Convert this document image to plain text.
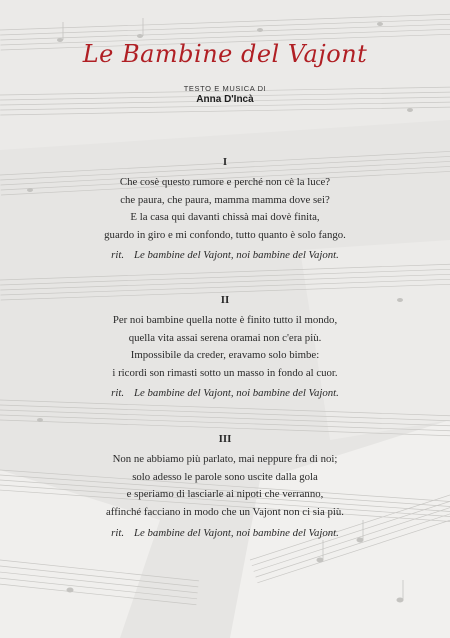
Le Bambine del Vajont
TESTO E MUSICA DI
Anna D'Incà
I
Che cosè questo rumore e perché non cè la luce?
che paura, che paura, mamma mamma dove sei?
E la casa qui davanti chissà mai dovè finita,
guardo in giro e mi confondo, tutto quanto è solo fango.
rit. Le bambine del Vajont, noi bambine del Vajont.
II
Per noi bambine quella notte è finito tutto il mondo,
quella vita assai serena oramai non c'era più.
Impossibile da creder, eravamo solo bimbe:
i ricordi son rimasti sotto un masso in fondo al cuor.
rit. Le bambine del Vajont, noi bambine del Vajont.
III
Non ne abbiamo più parlato, mai neppure fra di noi;
solo adesso le parole sono uscite dalla gola
e speriamo di lasciarle ai nipoti che verranno,
affinché facciano in modo che un Vajont non ci sia più.
rit. Le bambine del Vajont, noi bambine del Vajont.
